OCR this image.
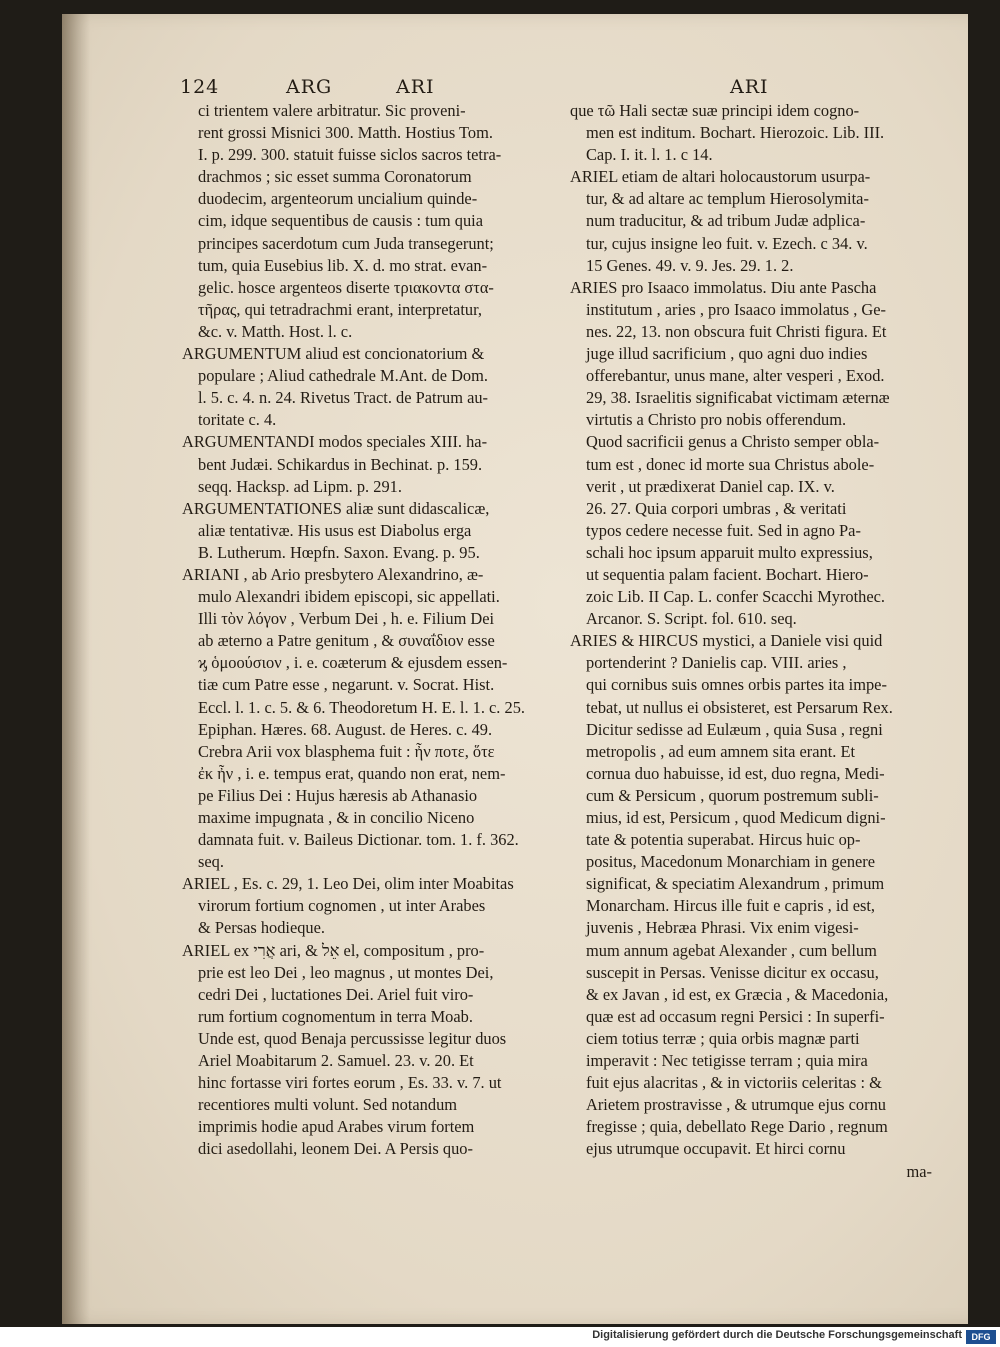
124	ARG	ARI	ARI
ci trientem valere arbitratur. Sic proveni-
rent grossi Misnici 300. Matth. Hostius Tom.
I. p. 299. 300. statuit fuisse siclos sacros tetra-
drachmos ; sic esset summa Coronatorum
duodecim, argenteorum uncialium quinde-
cim, idque sequentibus de causis : tum quia
principes sacerdotum cum Juda transegerunt;
tum, quia Eusebius lib. X. d. mo strat. evan-
gelic. hosce argenteos diserte τριακοντα στα-
τῆρας, qui tetradrachmi erant, interpretatur,
&c. v. Matth. Host. l. c.
ARGUMENTUM aliud est concionatorium &
populare ; Aliud cathedrale M.Ant. de Dom.
l. 5. c. 4. n. 24. Rivetus Tract. de Patrum au-
toritate c. 4.
ARGUMENTANDI modos speciales XIII. ha-
bent Judæi. Schikardus in Bechinat. p. 159.
seqq. Hacksp. ad Lipm. p. 291.
ARGUMENTATIONES aliæ sunt didascalicæ,
aliæ tentativæ. His usus est Diabolus erga
B. Lutherum. Hœpfn. Saxon. Evang. p. 95.
ARIANI , ab Ario presbytero Alexandrino, æ-
mulo Alexandri ibidem episcopi, sic appellati.
Illi τὸν λόγον , Verbum Dei , h. e. Filium Dei
ab æterno a Patre genitum , & συναΐδιον esse
ϗ ὁμοούσιον , i. e. coæterum & ejusdem essen-
tiæ cum Patre esse , negarunt. v. Socrat. Hist.
Eccl. l. 1. c. 5. & 6. Theodoretum H. E. l. 1. c. 25.
Epiphan. Hæres. 68. August. de Heres. c. 49.
Crebra Arii vox blasphema fuit : ἦν ποτε, ὅτε
ἐκ ἦν , i. e. tempus erat, quando non erat, nem-
pe Filius Dei : Hujus hæresis ab Athanasio
maxime impugnata , & in concilio Niceno
damnata fuit. v. Baileus Dictionar. tom. 1. f. 362.
seq.
ARIEL , Es. c. 29, 1. Leo Dei, olim inter Moabitas
virorum fortium cognomen , ut inter Arabes
& Persas hodieque.
ARIEL ex אֲרִי ari, & אֵל el, compositum , pro-
prie est leo Dei , leo magnus , ut montes Dei,
cedri Dei , luctationes Dei. Ariel fuit viro-
rum fortium cognomentum in terra Moab.
Unde est, quod Benaja percussisse legitur duos
Ariel Moabitarum 2. Samuel. 23. v. 20. Et
hinc fortasse viri fortes eorum , Es. 33. v. 7. ut
recentiores multi volunt. Sed notandum
imprimis hodie apud Arabes virum fortem
dici asedollahi, leonem Dei. A Persis quo-
que τῶ Hali sectæ suæ principi idem cogno-
men est inditum. Bochart. Hierozoic. Lib. III.
Cap. I. it. l. 1. c 14.
ARIEL etiam de altari holocaustorum usurpa-
tur, & ad altare ac templum Hierosolymita-
num traducitur, & ad tribum Judæ adplica-
tur, cujus insigne leo fuit. v. Ezech. c 34. v.
15 Genes. 49. v. 9. Jes. 29. 1. 2.
ARIES pro Isaaco immolatus. Diu ante Pascha
institutum , aries , pro Isaaco immolatus , Ge-
nes. 22, 13. non obscura fuit Christi figura. Et
juge illud sacrificium , quo agni duo indies
offerebantur, unus mane, alter vesperi , Exod.
29, 38. Israelitis significabat victimam æternæ
virtutis a Christo pro nobis offerendum.
Quod sacrificii genus a Christo semper obla-
tum est , donec id morte sua Christus abole-
verit , ut prædixerat Daniel cap. IX. v.
26. 27. Quia corpori umbras , & veritati
typos cedere necesse fuit. Sed in agno Pa-
schali hoc ipsum apparuit multo expressius,
ut sequentia palam facient. Bochart. Hiero-
zoic Lib. II Cap. L. confer Scacchi Myrothec.
Arcanor. S. Script. fol. 610. seq.
ARIES & HIRCUS mystici, a Daniele visi quid
portenderint ? Danielis cap. VIII. aries ,
qui cornibus suis omnes orbis partes ita impe-
tebat, ut nullus ei obsisteret, est Persarum Rex.
Dicitur sedisse ad Eulæum , quia Susa , regni
metropolis , ad eum amnem sita erant. Et
cornua duo habuisse, id est, duo regna, Medi-
cum & Persicum , quorum postremum subli-
mius, id est, Persicum , quod Medicum digni-
tate & potentia superabat. Hircus huic op-
positus, Macedonum Monarchiam in genere
significat, & speciatim Alexandrum , primum
Monarcham. Hircus ille fuit e capris , id est,
juvenis , Hebræa Phrasi. Vix enim vigesi-
mum annum agebat Alexander , cum bellum
suscepit in Persas. Venisse dicitur ex occasu,
& ex Javan , id est, ex Græcia , & Macedonia,
quæ est ad occasum regni Persici : In superfi-
ciem totius terræ ; quia orbis magnæ parti
imperavit : Nec tetigisse terram ; quia mira
fuit ejus alacritas , & in victoriis celeritas : &
Arietem prostravisse , & utrumque ejus cornu
fregisse ; quia, debellato Rege Dario , regnum
ejus utrumque occupavit. Et hirci cornu
ma-
Digitalisierung gefördert durch die Deutsche Forschungsgemeinschaft	DFG
